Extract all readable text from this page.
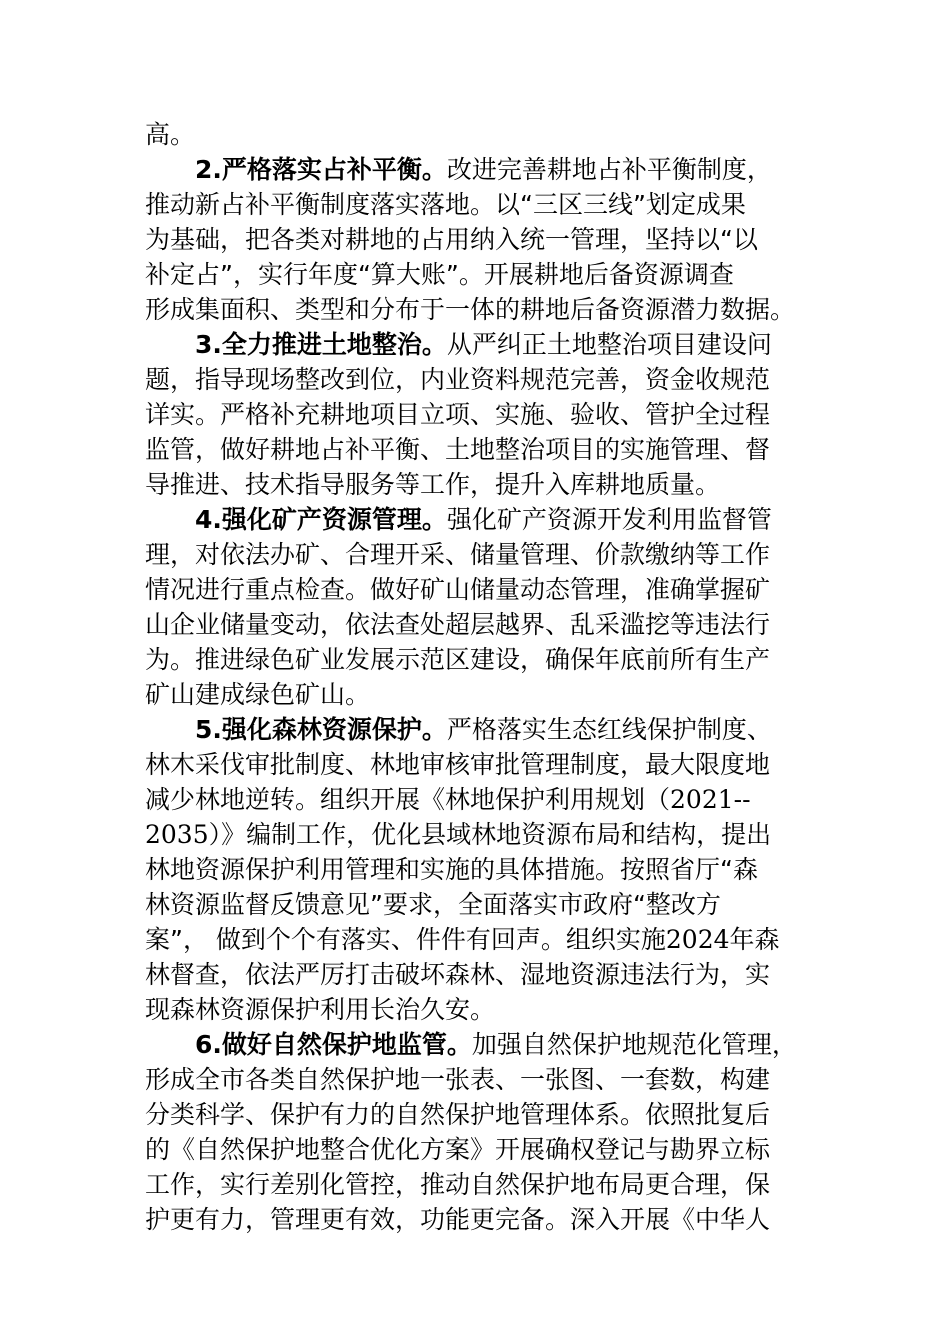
高。
2.严格落实占补平衡。改进完善耕地占补平衡制度，
推动新占补平衡制度落实落地。以“三区三线”划定成果
为基础，把各类对耕地的占用纳入统一管理，坚持以“以
补定占”，实行年度“算大账”。开展耕地后备资源调查
形成集面积、类型和分布于一体的耕地后备资源潜力数据。
3.全力推进土地整治。从严纠正土地整治项目建设问
题，指导现场整改到位，内业资料规范完善，资金收规范
详实。严格补充耕地项目立项、实施、验收、管护全过程
监管，做好耕地占补平衡、土地整治项目的实施管理、督
导推进、技术指导服务等工作，提升入库耕地质量。
4.强化矿产资源管理。强化矿产资源开发利用监督管
理，对依法办矿、合理开采、储量管理、价款缴纳等工作
情况进行重点检查。做好矿山储量动态管理，准确掌握矿
山企业储量变动，依法查处超层越界、乱采滥挖等违法行
为。推进绿色矿业发展示范区建设，确保年底前所有生产
矿山建成绿色矿山。
5.强化森林资源保护。严格落实生态红线保护制度、
林木采伐审批制度、林地审核审批管理制度，最大限度地
减少林地逆转。组织开展《林地保护利用规划（2021--
2035）》编制工作，优化县域林地资源布局和结构，提出
林地资源保护利用管理和实施的具体措施。按照省厅“森
林资源监督反馈意见”要求，全面落实市政府“整改方
案”， 做到个个有落实、件件有回声。组织实施2024年森
林督查，依法严厉打击破坏森林、湿地资源违法行为，实
现森林资源保护利用长治久安。
6.做好自然保护地监管。加强自然保护地规范化管理，
形成全市各类自然保护地一张表、一张图、一套数，构建
分类科学、保护有力的自然保护地管理体系。依照批复后
的《自然保护地整合优化方案》开展确权登记与勘界立标
工作，实行差别化管控，推动自然保护地布局更合理，保
护更有力，管理更有效，功能更完备。深入开展《中华人
